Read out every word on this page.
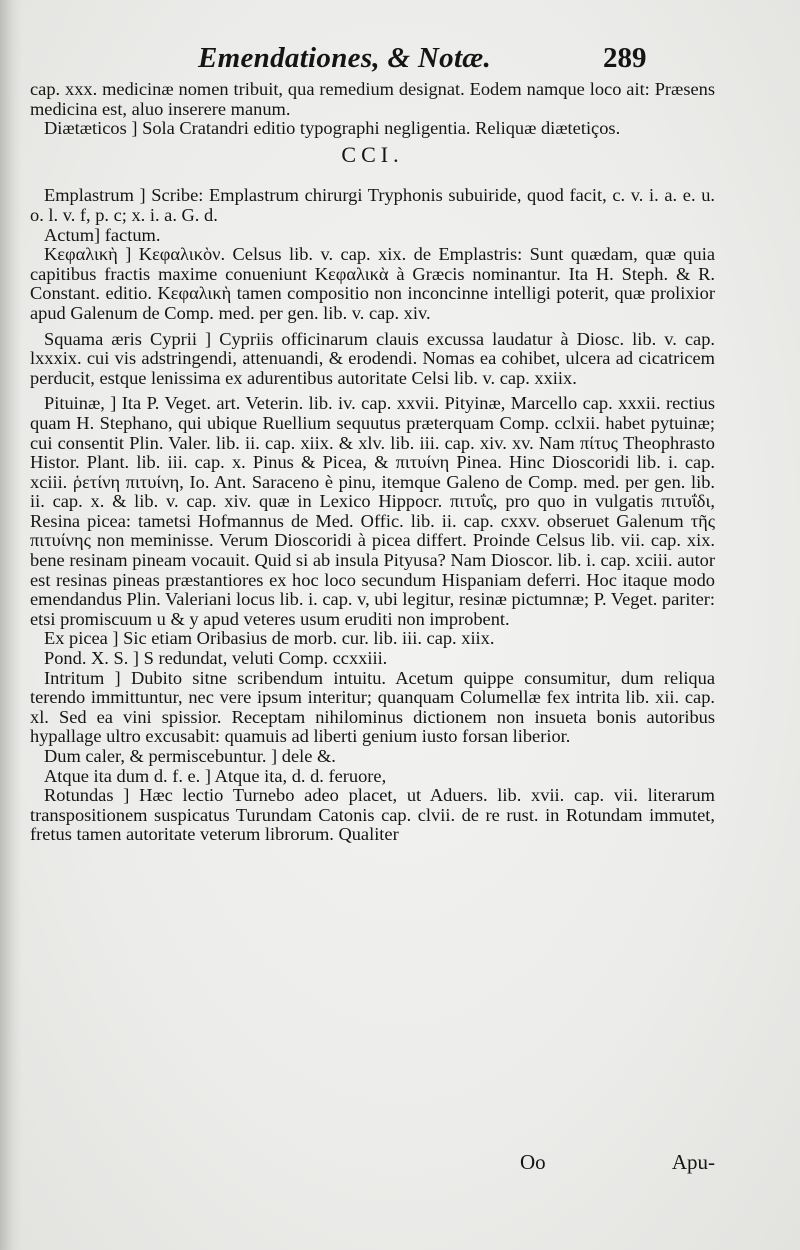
Emendationes, & Notæ.	289

cap. xxx. medicinæ nomen tribuit, qua remedium designat. Eodem namque loco ait: Præsens medicina est, aluo inserere manum.

Diætæticos ] Sola Cratandri editio typographi negligentia. Reliquæ diætetiços.

CCI.

Emplastrum ] Scribe: Emplastrum chirurgi Tryphonis subuiride, quod facit, c. v. i. a. e. u. o. l. v. f, p. c; x. i. a. G. d.

Actum] factum.

Κεφαλικὴ ] Κεφαλικὸν. Celsus lib. v. cap. xix. de Emplastris: Sunt quædam, quæ quia capitibus fractis maxime conueniunt Κεφαλικὰ à Græcis nominantur. Ita H. Steph. & R. Constant. editio. Κεφαλικὴ tamen compositio non inconcinne intelligi poterit, quæ prolixior apud Galenum de Comp. med. per gen. lib. v. cap. xiv.

Squama æris Cyprii ] Cypriis officinarum clauis excussa laudatur à Diosc. lib. v. cap. lxxxix. cui vis adstringendi, attenuandi, & erodendi. Nomas ea cohibet, ulcera ad cicatricem perducit, estque lenissima ex adurentibus autoritate Celsi lib. v. cap. xxiix.

Pituinæ, ] Ita P. Veget. art. Veterin. lib. iv. cap. xxvii. Pityinæ, Marcello cap. xxxii. rectius quam H. Stephano, qui ubique Ruellium sequutus præterquam Comp. cclxii. habet pytuinæ; cui consentit Plin. Valer. lib. ii. cap. xiix. & xlv. lib. iii. cap. xiv. xv. Nam πίτυς Theophrasto Histor. Plant. lib. iii. cap. x. Pinus & Picea, & πιτυίνη Pinea. Hinc Dioscoridi lib. i. cap. xciii. ῥετίνη πιτυίνη, Io. Ant. Saraceno è pinu, itemque Galeno de Comp. med. per gen. lib. ii. cap. x. & lib. v. cap. xiv. quæ in Lexico Hippocr. πιτυΐς, pro quo in vulgatis πιτυΐδι, Resina picea: tametsi Hofmannus de Med. Offic. lib. ii. cap. cxxv. obseruet Galenum τῆς πιτυίνης non meminisse. Verum Dioscoridi à picea differt. Proinde Celsus lib. vii. cap. xix. bene resinam pineam vocauit. Quid si ab insula Pityusa? Nam Dioscor. lib. i. cap. xciii. autor est resinas pineas præstantiores ex hoc loco secundum Hispaniam deferri. Hoc itaque modo emendandus Plin. Valeriani locus lib. i. cap. v, ubi legitur, resinæ pictumnæ; P. Veget. pariter: etsi promiscuum u & y apud veteres usum eruditi non improbent.

Ex picea ] Sic etiam Oribasius de morb. cur. lib. iii. cap. xiix.

Pond. X. S. ] S redundat, veluti Comp. ccxxiii.

Intritum ] Dubito sitne scribendum intuitu. Acetum quippe consumitur, dum reliqua terendo immittuntur, nec vere ipsum interitur; quanquam Columellæ fex intrita lib. xii. cap. xl. Sed ea vini spissior. Receptam nihilominus dictionem non insueta bonis autoribus hypallage ultro excusabit: quamuis ad liberti genium iusto forsan liberior.

Dum caler, & permiscebuntur. ] dele &.

Atque ita dum d. f. e. ] Atque ita, d. d. feruore,

Rotundas ] Hæc lectio Turnebo adeo placet, ut Aduers. lib. xvii. cap. vii. literarum transpositionem suspicatus Turundam Catonis cap. clvii. de re rust. in Rotundam immutet, fretus tamen autoritate veterum librorum. Qualiter

Oo	Apu-
